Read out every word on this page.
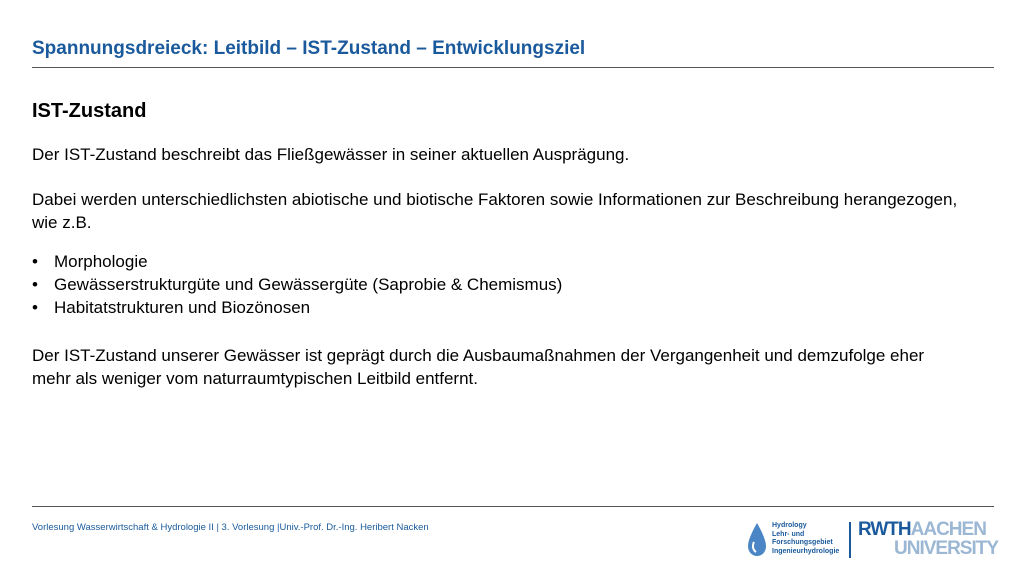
Spannungsdreieck: Leitbild – IST-Zustand – Entwicklungsziel
IST-Zustand
Der IST-Zustand beschreibt das Fließgewässer in seiner aktuellen Ausprägung.
Dabei werden unterschiedlichsten abiotische und biotische Faktoren sowie Informationen zur Beschreibung herangezogen, wie z.B.
• Morphologie
• Gewässerstrukturgüte und Gewässergüte (Saprobie & Chemismus)
• Habitatstrukturen und Biozönosen
Der IST-Zustand unserer Gewässer ist geprägt durch die Ausbaumaßnahmen der Vergangenheit und demzufolge eher mehr als weniger vom naturraumtypischen Leitbild entfernt.
Vorlesung Wasserwirtschaft & Hydrologie II | 3. Vorlesung |Univ.-Prof. Dr.-Ing. Heribert Nacken	Hydrology
Lehr- und
Forschungsgebiet
Ingenieurhydrologie
RWTHAACHEN
UNIVERSITY
